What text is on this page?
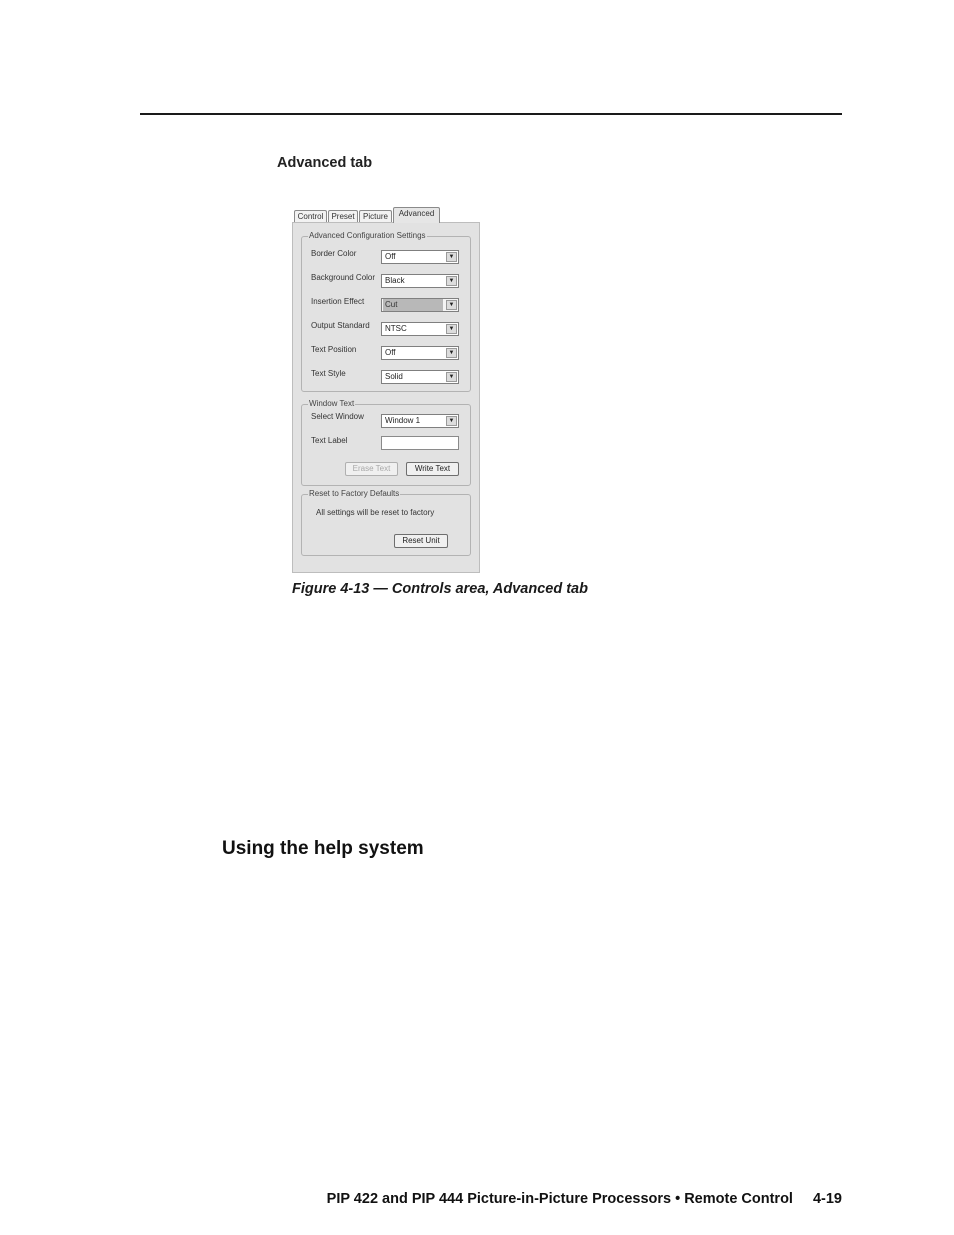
Advanced tab
Control	Preset	Picture	Advanced
Advanced Configuration Settings
Border Color	Off	▼
Background Color	Black	▼
Insertion Effect	Cut	▼
Output Standard	NTSC	▼
Text Position	Off	▼
Text Style	Solid	▼
Window Text
Select Window	Window 1	▼
Text Label
Erase Text	Write Text
Reset to Factory Defaults
All settings will be reset to factory
Reset Unit
Figure 4-13 — Controls area, Advanced tab
Using the help system
PIP 422 and PIP 444 Picture-in-Picture Processors • Remote Control 4-19
